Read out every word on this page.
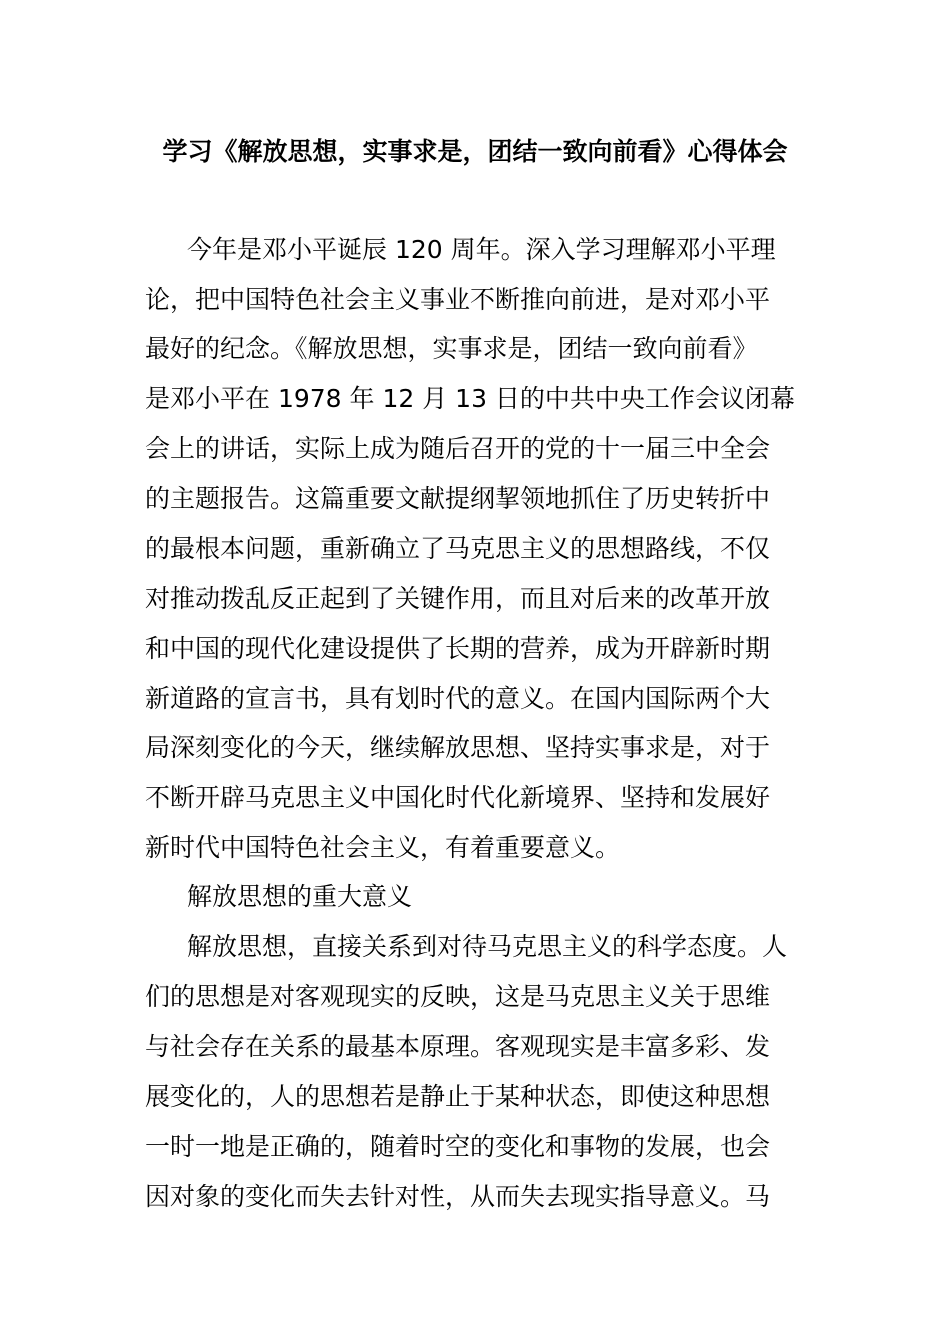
学习《解放思想，实事求是，团结一致向前看》心得体会
今年是邓小平诞辰 120 周年。深入学习理解邓小平理
论，把中国特色社会主义事业不断推向前进，是对邓小平
最好的纪念。《解放思想，实事求是，团结一致向前看》
是邓小平在 1978 年 12 月 13 日的中共中央工作会议闭幕
会上的讲话，实际上成为随后召开的党的十一届三中全会
的主题报告。这篇重要文献提纲挈领地抓住了历史转折中
的最根本问题，重新确立了马克思主义的思想路线，不仅
对推动拨乱反正起到了关键作用，而且对后来的改革开放
和中国的现代化建设提供了长期的营养，成为开辟新时期
新道路的宣言书，具有划时代的意义。在国内国际两个大
局深刻变化的今天，继续解放思想、坚持实事求是，对于
不断开辟马克思主义中国化时代化新境界、坚持和发展好
新时代中国特色社会主义，有着重要意义。
解放思想的重大意义
解放思想，直接关系到对待马克思主义的科学态度。人
们的思想是对客观现实的反映，这是马克思主义关于思维
与社会存在关系的最基本原理。客观现实是丰富多彩、发
展变化的，人的思想若是静止于某种状态，即使这种思想
一时一地是正确的，随着时空的变化和事物的发展，也会
因对象的变化而失去针对性，从而失去现实指导意义。马
